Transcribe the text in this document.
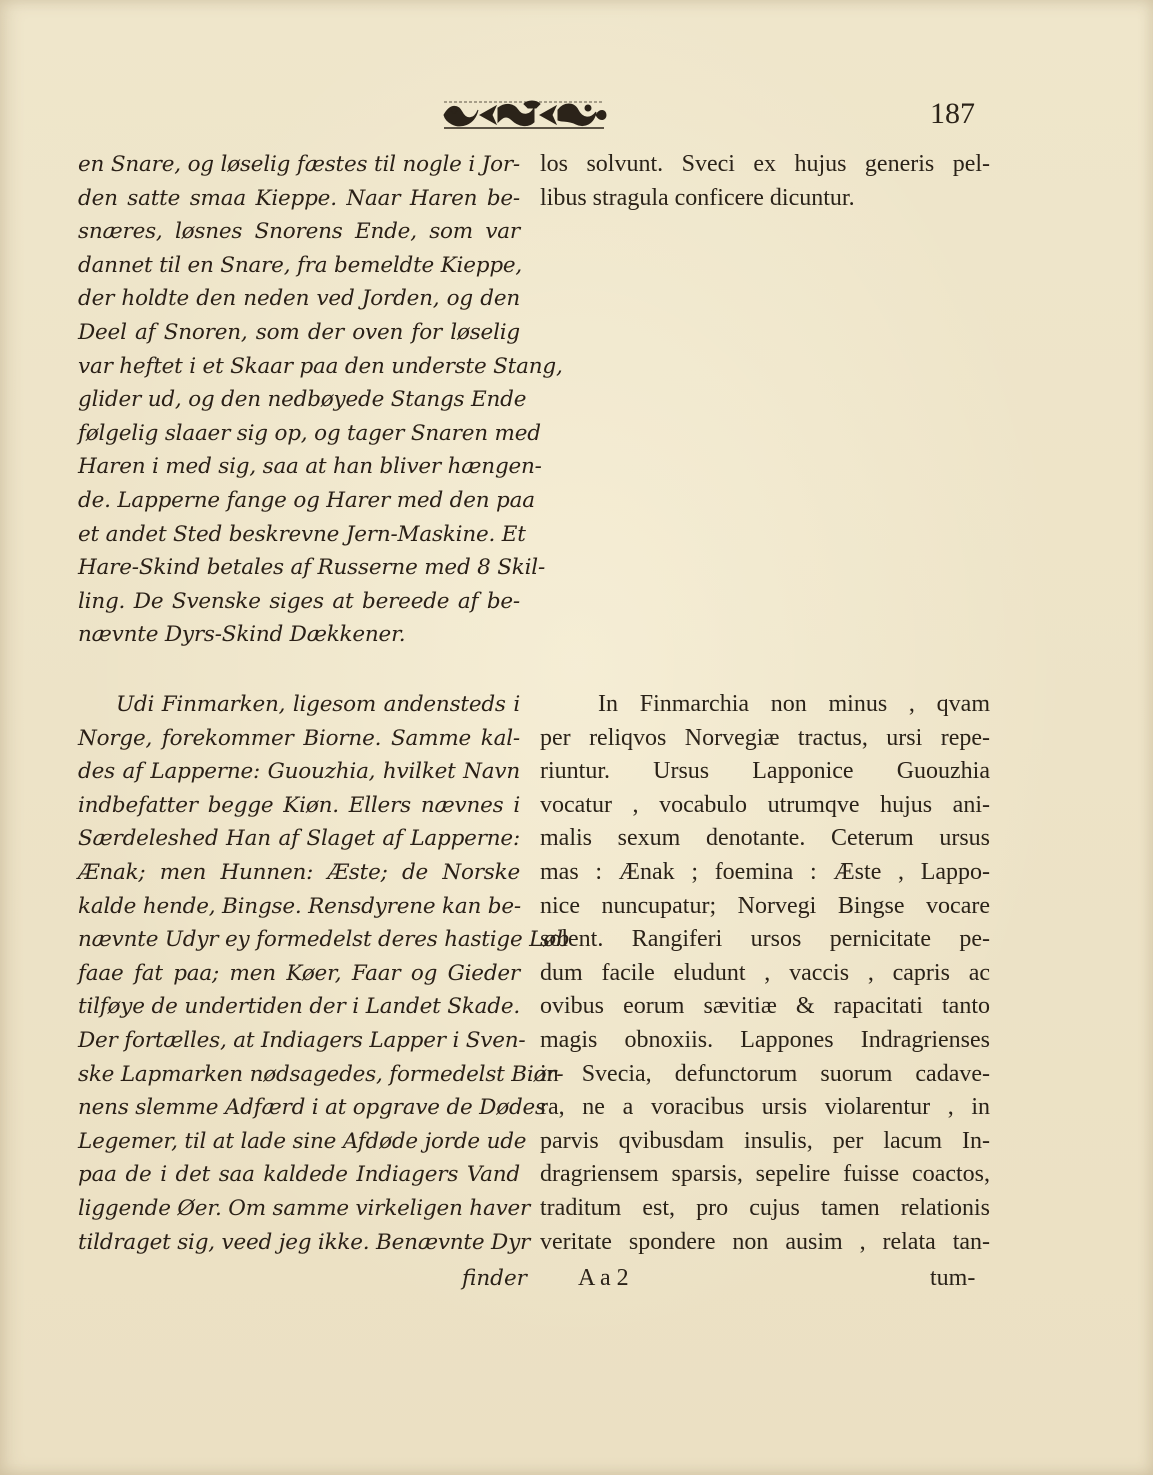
187
en Snare, og løselig fæstes til nogle i Jor-
den satte smaa Kieppe. Naar Haren be-
snæres, løsnes Snorens Ende, som var
dannet til en Snare, fra bemeldte Kieppe,
der holdte den neden ved Jorden, og den
Deel af Snoren, som der oven for løselig
var heftet i et Skaar paa den underste Stang,
glider ud, og den nedbøyede Stangs Ende
følgelig slaaer sig op, og tager Snaren med
Haren i med sig, saa at han bliver hængen-
de. Lapperne fange og Harer med den paa
et andet Sted beskrevne Jern-Maskine. Et
Hare-Skind betales af Russerne med 8 Skil-
ling. De Svenske siges at bereede af be-
nævnte Dyrs-Skind Dækkener.
los solvunt. Sveci ex hujus generis pel-
libus stragula conficere dicuntur.
Udi Finmarken, ligesom andensteds i
Norge, forekommer Biorne. Samme kal-
des af Lapperne: Guouzhia, hvilket Navn
indbefatter begge Kiøn. Ellers nævnes i
Særdeleshed Han af Slaget af Lapperne:
Ænak; men Hunnen: Æste; de Norske
kalde hende, Bingse. Rensdyrene kan be-
nævnte Udyr ey formedelst deres hastige Løb
faae fat paa; men Køer, Faar og Gieder
tilføye de undertiden der i Landet Skade.
Der fortælles, at Indiagers Lapper i Sven-
ske Lapmarken nødsagedes, formedelst Biør-
nens slemme Adfærd i at opgrave de Dødes
Legemer, til at lade sine Afdøde jorde ude
paa de i det saa kaldede Indiagers Vand
liggende Øer. Om samme virkeligen haver
tildraget sig, veed jeg ikke. Benævnte Dyr
In Finmarchia non minus , qvam
per reliqvos Norvegiæ tractus, ursi repe-
riuntur. Ursus Lapponice Guouzhia
vocatur , vocabulo utrumqve hujus ani-
malis sexum denotante. Ceterum ursus
mas : Ænak ; foemina : Æste , Lappo-
nice nuncupatur; Norvegi Bingse vocare
solent. Rangiferi ursos pernicitate pe-
dum facile eludunt , vaccis , capris ac
ovibus eorum sævitiæ & rapacitati tanto
magis obnoxiis. Lappones Indragrienses
in Svecia, defunctorum suorum cadave-
ra, ne a voracibus ursis violarentur , in
parvis qvibusdam insulis, per lacum In-
dragriensem sparsis, sepelire fuisse coactos,
traditum est, pro cujus tamen relationis
veritate spondere non ausim , relata tan-
finder A a 2	tum-
